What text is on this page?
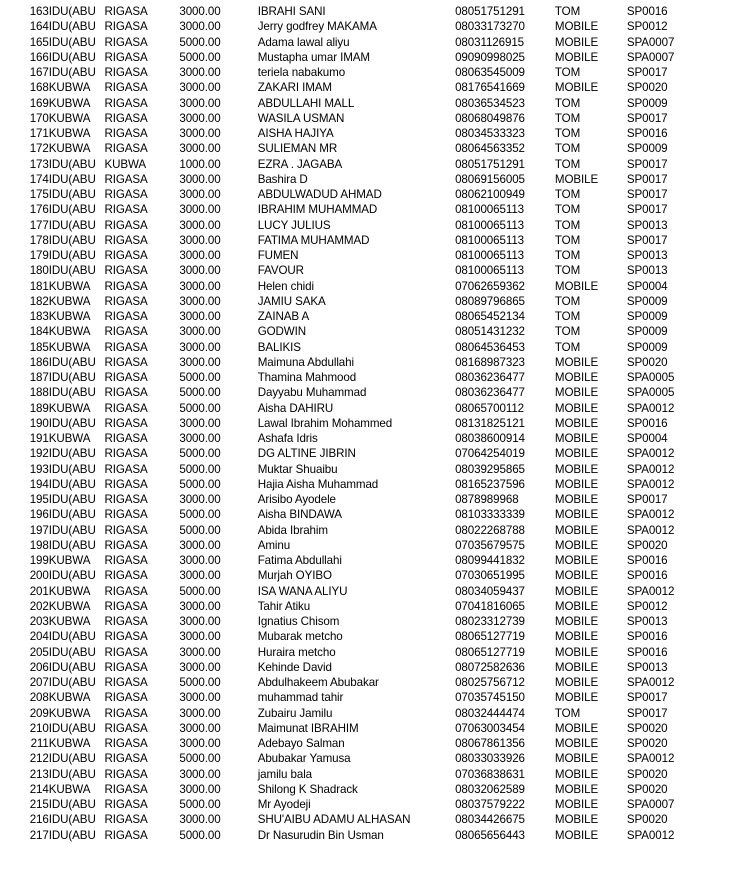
163	IDU(ABU	RIGASA	3000.00		IBRAHI SANI	08051751291	TOM	SP0016
164	IDU(ABU	RIGASA	3000.00		Jerry godfrey MAKAMA	08033173270	MOBILE	SP0012
165	IDU(ABU	RIGASA	5000.00		Adama lawal aliyu	08031126915	MOBILE	SPA0007
166	IDU(ABU	RIGASA	5000.00		Mustapha umar IMAM	09090998025	MOBILE	SPA0007
167	IDU(ABU	RIGASA	3000.00		teriela nabakumo	08063545009	TOM	SP0017
168	KUBWA	RIGASA	3000.00		ZAKARI IMAM	08176541669	MOBILE	SP0020
169	KUBWA	RIGASA	3000.00		ABDULLAHI MALL	08036534523	TOM	SP0009
170	KUBWA	RIGASA	3000.00		WASILA USMAN	08068049876	TOM	SP0017
171	KUBWA	RIGASA	3000.00		AISHA HAJIYA	08034533323	TOM	SP0016
172	KUBWA	RIGASA	3000.00		SULIEMAN MR	08064563352	TOM	SP0009
173	IDU(ABU	KUBWA	1000.00		EZRA . JAGABA	08051751291	TOM	SP0017
174	IDU(ABU	RIGASA	3000.00		Bashira D	08069156005	MOBILE	SP0017
175	IDU(ABU	RIGASA	3000.00		ABDULWADUD AHMAD	08062100949	TOM	SP0017
176	IDU(ABU	RIGASA	3000.00		IBRAHIM MUHAMMAD	08100065113	TOM	SP0017
177	IDU(ABU	RIGASA	3000.00		LUCY JULIUS	08100065113	TOM	SP0013
178	IDU(ABU	RIGASA	3000.00		FATIMA MUHAMMAD	08100065113	TOM	SP0017
179	IDU(ABU	RIGASA	3000.00		FUMEN	08100065113	TOM	SP0013
180	IDU(ABU	RIGASA	3000.00		FAVOUR	08100065113	TOM	SP0013
181	KUBWA	RIGASA	3000.00		Helen chidi	07062659362	MOBILE	SP0004
182	KUBWA	RIGASA	3000.00		JAMIU SAKA	08089796865	TOM	SP0009
183	KUBWA	RIGASA	3000.00		ZAINAB A	08065452134	TOM	SP0009
184	KUBWA	RIGASA	3000.00		GODWIN	08051431232	TOM	SP0009
185	KUBWA	RIGASA	3000.00		BALIKIS	08064536453	TOM	SP0009
186	IDU(ABU	RIGASA	3000.00		Maimuna Abdullahi	08168987323	MOBILE	SP0020
187	IDU(ABU	RIGASA	5000.00		Thamina Mahmood	08036236477	MOBILE	SPA0005
188	IDU(ABU	RIGASA	5000.00		Dayyabu Muhammad	08036236477	MOBILE	SPA0005
189	KUBWA	RIGASA	5000.00		Aisha DAHIRU	08065700112	MOBILE	SPA0012
190	IDU(ABU	RIGASA	3000.00		Lawal Ibrahim Mohammed	08131825121	MOBILE	SP0016
191	KUBWA	RIGASA	3000.00		Ashafa Idris	08038600914	MOBILE	SP0004
192	IDU(ABU	RIGASA	5000.00		DG ALTINE JIBRIN	07064254019	MOBILE	SPA0012
193	IDU(ABU	RIGASA	5000.00		Muktar Shuaibu	08039295865	MOBILE	SPA0012
194	IDU(ABU	RIGASA	5000.00		Hajia Aisha Muhammad	08165237596	MOBILE	SPA0012
195	IDU(ABU	RIGASA	3000.00		Arisibo Ayodele	0878989968	MOBILE	SP0017
196	IDU(ABU	RIGASA	5000.00		Aisha BINDAWA	08103333339	MOBILE	SPA0012
197	IDU(ABU	RIGASA	5000.00		Abida Ibrahim	08022268788	MOBILE	SPA0012
198	IDU(ABU	RIGASA	3000.00		Aminu	07035679575	MOBILE	SP0020
199	KUBWA	RIGASA	3000.00		Fatima Abdullahi	08099441832	MOBILE	SP0016
200	IDU(ABU	RIGASA	3000.00		Murjah OYIBO	07030651995	MOBILE	SP0016
201	KUBWA	RIGASA	5000.00		ISA WANA ALIYU	08034059437	MOBILE	SPA0012
202	KUBWA	RIGASA	3000.00		Tahir Atiku	07041816065	MOBILE	SP0012
203	KUBWA	RIGASA	3000.00		Ignatius Chisom	08023312739	MOBILE	SP0013
204	IDU(ABU	RIGASA	3000.00		Mubarak metcho	08065127719	MOBILE	SP0016
205	IDU(ABU	RIGASA	3000.00		Huraira metcho	08065127719	MOBILE	SP0016
206	IDU(ABU	RIGASA	3000.00		Kehinde David	08072582636	MOBILE	SP0013
207	IDU(ABU	RIGASA	5000.00		Abdulhakeem Abubakar	08025756712	MOBILE	SPA0012
208	KUBWA	RIGASA	3000.00		muhammad tahir	07035745150	MOBILE	SP0017
209	KUBWA	RIGASA	3000.00		Zubairu Jamilu	08032444474	TOM	SP0017
210	IDU(ABU	RIGASA	3000.00		Maimunat IBRAHIM	07063003454	MOBILE	SP0020
211	KUBWA	RIGASA	3000.00		Adebayo Salman	08067861356	MOBILE	SP0020
212	IDU(ABU	RIGASA	5000.00		Abubakar Yamusa	08033033926	MOBILE	SPA0012
213	IDU(ABU	RIGASA	3000.00		jamilu bala	07036838631	MOBILE	SP0020
214	KUBWA	RIGASA	3000.00		Shilong K Shadrack	08032062589	MOBILE	SP0020
215	IDU(ABU	RIGASA	5000.00		Mr Ayodeji	08037579222	MOBILE	SPA0007
216	IDU(ABU	RIGASA	3000.00		SHU'AIBU ADAMU ALHASAN	08034426675	MOBILE	SP0020
217	IDU(ABU	RIGASA	5000.00		Dr Nasurudin Bin Usman	08065656443	MOBILE	SPA0012
